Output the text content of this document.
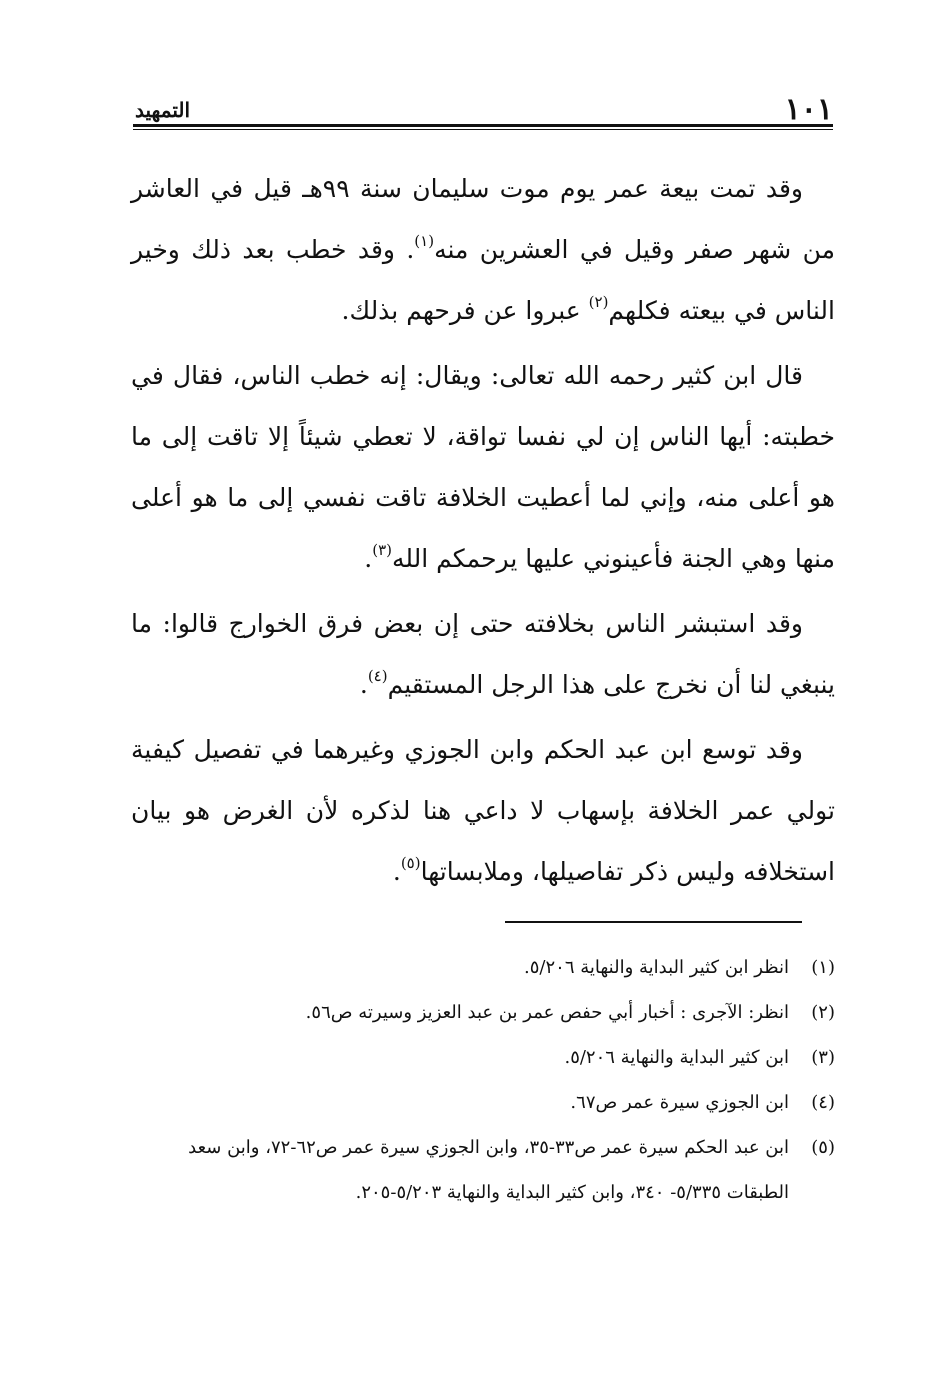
١٠١
التمهيد

وقد تمت بيعة عمر يوم موت سليمان سنة ٩٩هـ قيل في العاشر من شهر صفر وقيل في العشرين منه$^{(١)}$. وقد خطب بعد ذلك وخير الناس في بيعته فكلهم$^{(٢)}$ عبروا عن فرحهم بذلك.

قال ابن كثير رحمه الله تعالى: ويقال: إنه خطب الناس، فقال في خطبته: أيها الناس إن لي نفسا تواقة، لا تعطي شيئاً إلا تاقت إلى ما هو أعلى منه، وإني لما أعطيت الخلافة تاقت نفسي إلى ما هو أعلى منها وهي الجنة فأعينوني عليها يرحمكم الله$^{(٣)}$.

وقد استبشر الناس بخلافته حتى إن بعض فرق الخوارج قالوا: ما ينبغي لنا أن نخرج على هذا الرجل المستقيم$^{(٤)}$.

وقد توسع ابن عبد الحكم وابن الجوزي وغيرهما في تفصيل كيفية تولي عمر الخلافة بإسهاب لا داعي هنا لذكره لأن الغرض هو بيان استخلافه وليس ذكر تفاصيلها، وملابساتها$^{(٥)}$.

(١)
انظر ابن كثير البداية والنهاية ٥/٢٠٦.
(٢)
انظر: الآجرى : أخبار أبي حفص عمر بن عبد العزيز وسيرته ص٥٦.
(٣)
ابن كثير البداية والنهاية ٥/٢٠٦.
(٤)
ابن الجوزي سيرة عمر ص٦٧.
(٥)
ابن عبد الحكم سيرة عمر ص٣٣-٣٥، وابن الجوزي سيرة عمر ص٦٢-٧٢، وابن سعد الطبقات ٥/٣٣٥- ٣٤٠، وابن كثير البداية والنهاية ٥/٢٠٣-٢٠٥.
